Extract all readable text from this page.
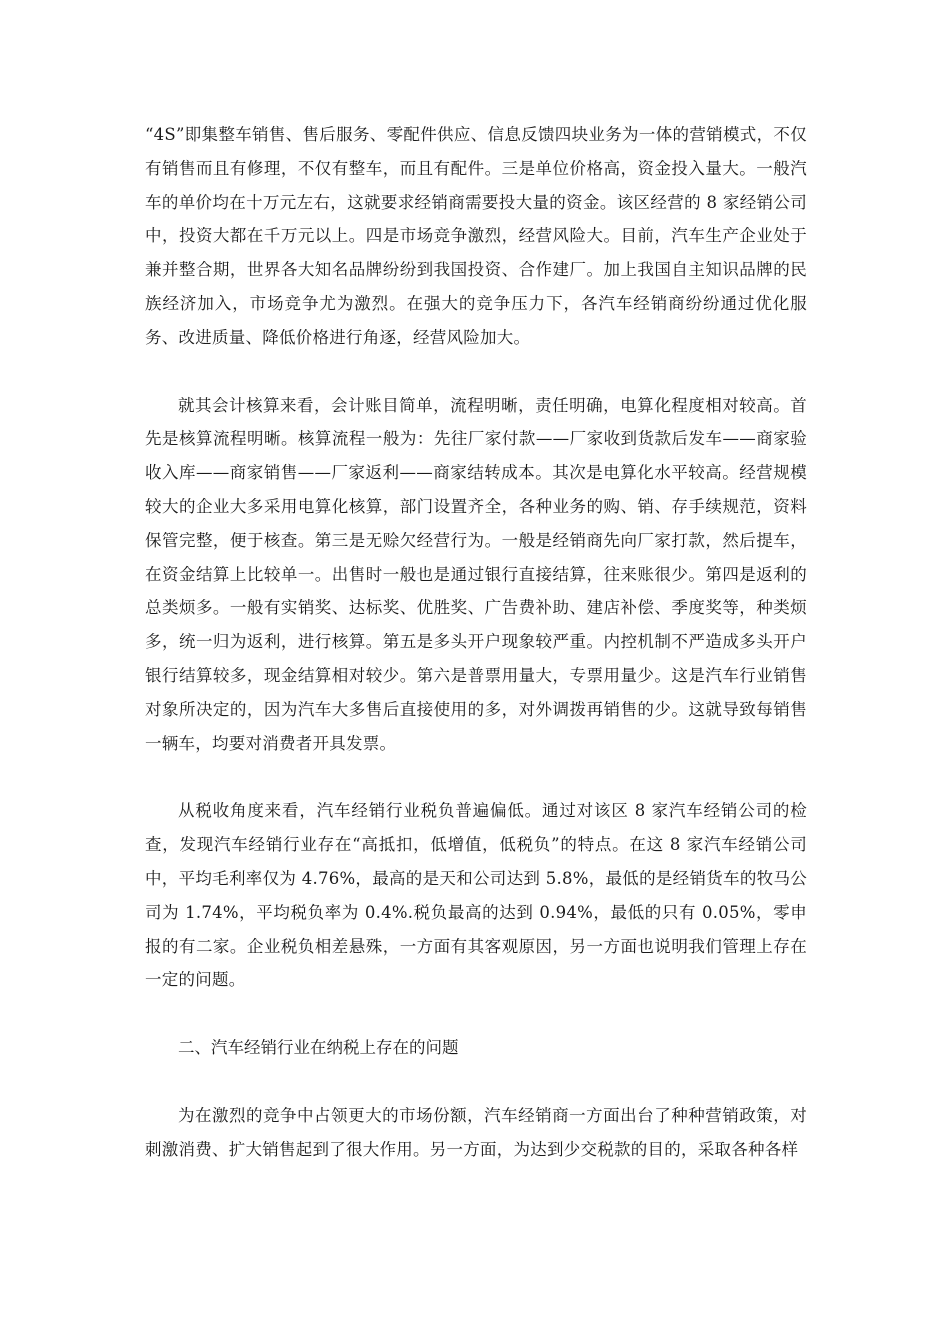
“4S”即集整车销售、售后服务、零配件供应、信息反馈四块业务为一体的营销模式，不仅有销售而且有修理，不仅有整车，而且有配件。三是单位价格高，资金投入量大。一般汽车的单价均在十万元左右，这就要求经销商需要投大量的资金。该区经营的 8 家经销公司中，投资大都在千万元以上。四是市场竞争激烈，经营风险大。目前，汽车生产企业处于兼并整合期，世界各大知名品牌纷纷到我国投资、合作建厂。加上我国自主知识品牌的民族经济加入，市场竞争尤为激烈。在强大的竞争压力下，各汽车经销商纷纷通过优化服务、改进质量、降低价格进行角逐，经营风险加大。

就其会计核算来看，会计账目简单，流程明晰，责任明确，电算化程度相对较高。首先是核算流程明晰。核算流程一般为：先往厂家付款——厂家收到货款后发车——商家验收入库——商家销售——厂家返利——商家结转成本。其次是电算化水平较高。经营规模较大的企业大多采用电算化核算，部门设置齐全，各种业务的购、销、存手续规范，资料保管完整，便于核查。第三是无赊欠经营行为。一般是经销商先向厂家打款，然后提车，在资金结算上比较单一。出售时一般也是通过银行直接结算，往来账很少。第四是返利的总类烦多。一般有实销奖、达标奖、优胜奖、广告费补助、建店补偿、季度奖等，种类烦多，统一归为返利，进行核算。第五是多头开户现象较严重。内控机制不严造成多头开户银行结算较多，现金结算相对较少。第六是普票用量大，专票用量少。这是汽车行业销售对象所决定的，因为汽车大多售后直接使用的多，对外调拨再销售的少。这就导致每销售一辆车，均要对消费者开具发票。

从税收角度来看，汽车经销行业税负普遍偏低。通过对该区 8 家汽车经销公司的检查，发现汽车经销行业存在“高抵扣，低增值，低税负”的特点。在这 8 家汽车经销公司中，平均毛利率仅为 4.76%，最高的是天和公司达到 5.8%，最低的是经销货车的牧马公司为 1.74%，平均税负率为 0.4%.税负最高的达到 0.94%，最低的只有 0.05%，零申报的有二家。企业税负相差悬殊，一方面有其客观原因，另一方面也说明我们管理上存在一定的问题。

二、汽车经销行业在纳税上存在的问题

为在激烈的竞争中占领更大的市场份额，汽车经销商一方面出台了种种营销政策，对刺激消费、扩大销售起到了很大作用。另一方面，为达到少交税款的目的，采取各种各样
